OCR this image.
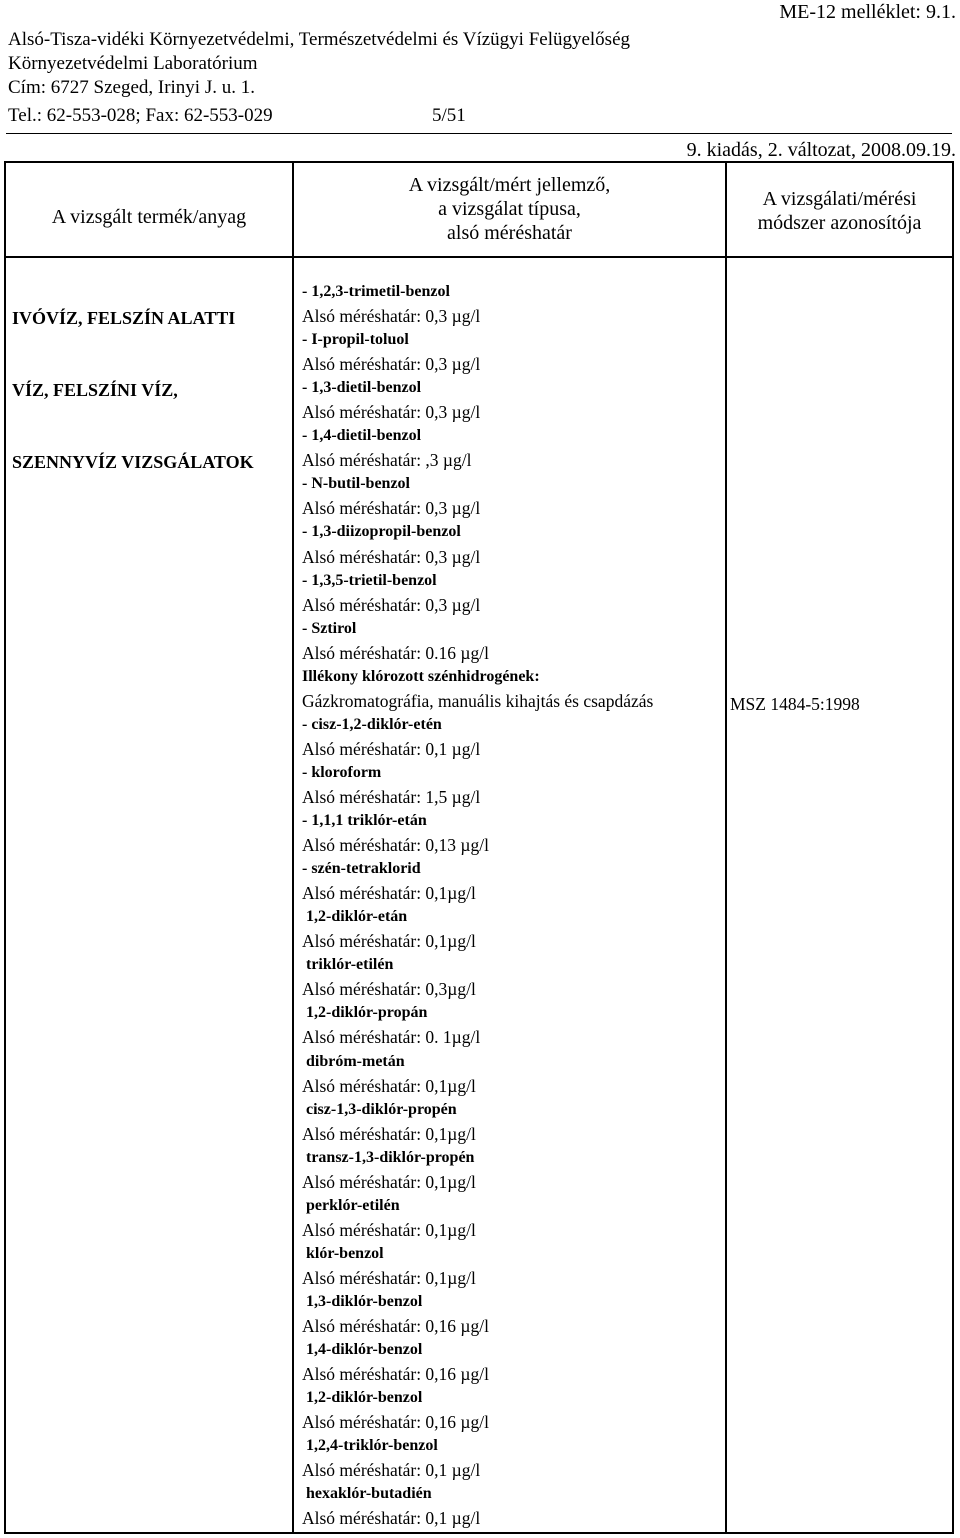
ME-12 melléklet: 9.1.
Alsó-Tisza-vidéki Környezetvédelmi, Természetvédelmi és Vízügyi Felügyelőség
Környezetvédelmi Laboratórium
Cím: 6727 Szeged, Irinyi J. u. 1.
Tel.: 62-553-028; Fax: 62-553-029	5/51
9. kiadás, 2. változat, 2008.09.19.
A vizsgált termék/anyag
A vizsgált/mért jellemző,
a vizsgálat típusa,
alsó méréshatár
A vizsgálati/mérési
módszer azonosítója

IVÓVÍZ, FELSZÍN ALATTI

VÍZ, FELSZÍNI VÍZ,

SZENNYVÍZ VIZSGÁLATOK

- 1,2,3-trimetil-benzol
Alsó méréshatár: 0,3 µg/l
- I-propil-toluol
Alsó méréshatár: 0,3 µg/l
- 1,3-dietil-benzol
Alsó méréshatár: 0,3 µg/l
- 1,4-dietil-benzol
Alsó méréshatár: ,3 µg/l
- N-butil-benzol
Alsó méréshatár: 0,3 µg/l
- 1,3-diizopropil-benzol
Alsó méréshatár: 0,3 µg/l
- 1,3,5-trietil-benzol
Alsó méréshatár: 0,3 µg/l
- Sztirol
Alsó méréshatár: 0.16 µg/l
Illékony klórozott szénhidrogének:
Gázkromatográfia, manuális kihajtás és csapdázás
- cisz-1,2-diklór-etén
Alsó méréshatár: 0,1 µg/l
- kloroform
Alsó méréshatár: 1,5 µg/l
- 1,1,1 triklór-etán
Alsó méréshatár: 0,13 µg/l
- szén-tetraklorid
Alsó méréshatár: 0,1µg/l
1,2-diklór-etán
Alsó méréshatár: 0,1µg/l
triklór-etilén
Alsó méréshatár: 0,3µg/l
1,2-diklór-propán
Alsó méréshatár: 0. 1µg/l
dibróm-metán
Alsó méréshatár: 0,1µg/l
cisz-1,3-diklór-propén
Alsó méréshatár: 0,1µg/l
transz-1,3-diklór-propén
Alsó méréshatár: 0,1µg/l
perklór-etilén
Alsó méréshatár: 0,1µg/l
klór-benzol
Alsó méréshatár: 0,1µg/l
1,3-diklór-benzol
Alsó méréshatár: 0,16 µg/l
1,4-diklór-benzol
Alsó méréshatár: 0,16 µg/l
1,2-diklór-benzol
Alsó méréshatár: 0,16 µg/l
1,2,4-triklór-benzol
Alsó méréshatár: 0,1 µg/l
hexaklór-butadién
Alsó méréshatár: 0,1 µg/l
MSZ 1484-5:1998
